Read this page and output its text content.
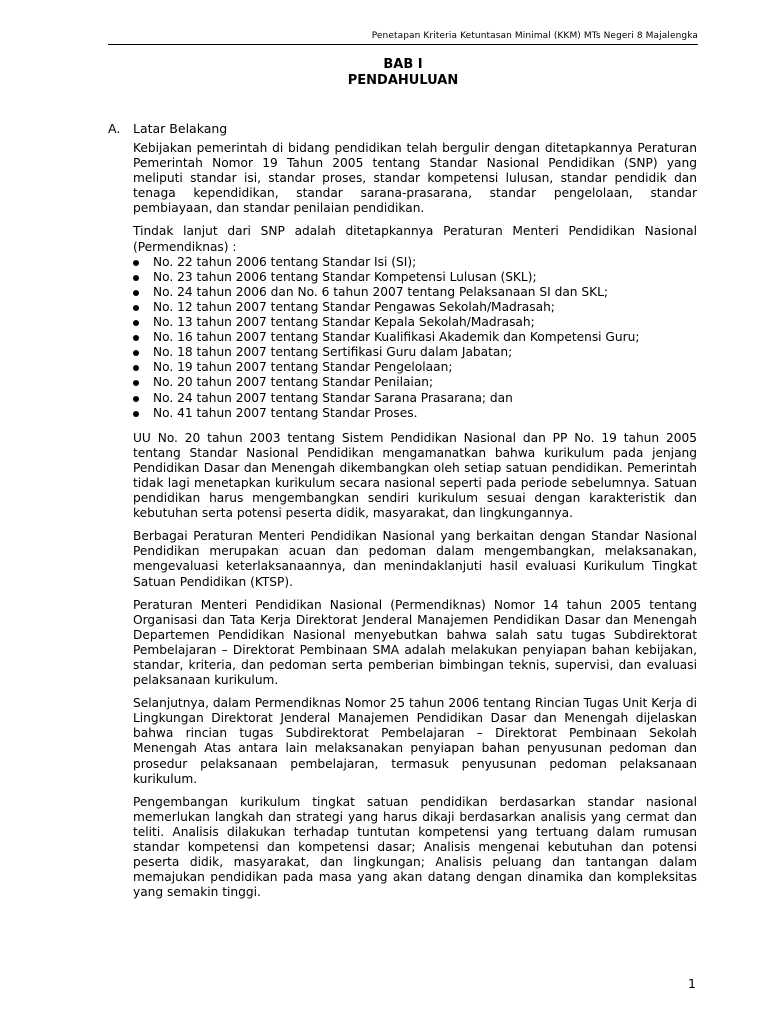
Penetapan Kriteria Ketuntasan Minimal (KKM) MTs Negeri 8 Majalengka
BAB I
PENDAHULUAN
A. Latar Belakang

Kebijakan pemerintah di bidang pendidikan telah bergulir dengan ditetapkannya Peraturan Pemerintah Nomor 19 Tahun 2005 tentang Standar Nasional Pendidikan (SNP) yang meliputi standar isi, standar proses, standar kompetensi lulusan, standar pendidik dan tenaga kependidikan, standar sarana-prasarana, standar pengelolaan, standar pembiayaan, dan standar penilaian pendidikan.

Tindak lanjut dari SNP adalah ditetapkannya Peraturan Menteri Pendidikan Nasional (Permendiknas) :

No. 22 tahun 2006 tentang Standar Isi (SI);
No. 23 tahun 2006 tentang Standar Kompetensi Lulusan (SKL);
No. 24 tahun 2006 dan No. 6 tahun 2007 tentang Pelaksanaan SI dan SKL;
No. 12 tahun 2007 tentang Standar Pengawas Sekolah/Madrasah;
No. 13 tahun 2007 tentang Standar Kepala Sekolah/Madrasah;
No. 16 tahun 2007 tentang Standar Kualifikasi Akademik dan Kompetensi Guru;
No. 18 tahun 2007 tentang Sertifikasi Guru dalam Jabatan;
No. 19 tahun 2007 tentang Standar Pengelolaan;
No. 20 tahun 2007 tentang Standar Penilaian;
No. 24 tahun 2007 tentang Standar Sarana Prasarana; dan
No. 41 tahun 2007 tentang Standar Proses.

UU No. 20 tahun 2003 tentang Sistem Pendidikan Nasional dan PP No. 19 tahun 2005 tentang Standar Nasional Pendidikan mengamanatkan bahwa kurikulum pada jenjang Pendidikan Dasar dan Menengah dikembangkan oleh setiap satuan pendidikan. Pemerintah tidak lagi menetapkan kurikulum secara nasional seperti pada periode sebelumnya. Satuan pendidikan harus mengembangkan sendiri kurikulum sesuai dengan karakteristik dan kebutuhan serta potensi peserta didik, masyarakat, dan lingkungannya.

Berbagai Peraturan Menteri Pendidikan Nasional yang berkaitan dengan Standar Nasional Pendidikan merupakan acuan dan pedoman dalam mengembangkan, melaksanakan, mengevaluasi keterlaksanaannya, dan menindaklanjuti hasil evaluasi Kurikulum Tingkat Satuan Pendidikan (KTSP).

Peraturan Menteri Pendidikan Nasional (Permendiknas) Nomor 14 tahun 2005 tentang Organisasi dan Tata Kerja Direktorat Jenderal Manajemen Pendidikan Dasar dan Menengah Departemen Pendidikan Nasional menyebutkan bahwa salah satu tugas Subdirektorat Pembelajaran – Direktorat Pembinaan SMA adalah melakukan penyiapan bahan kebijakan, standar, kriteria, dan pedoman serta pemberian bimbingan teknis, supervisi, dan evaluasi pelaksanaan kurikulum.

Selanjutnya, dalam Permendiknas Nomor 25 tahun 2006 tentang Rincian Tugas Unit Kerja di Lingkungan Direktorat Jenderal Manajemen Pendidikan Dasar dan Menengah dijelaskan bahwa rincian tugas Subdirektorat Pembelajaran – Direktorat Pembinaan Sekolah Menengah Atas antara lain melaksanakan penyiapan bahan penyusunan pedoman dan prosedur pelaksanaan pembelajaran, termasuk penyusunan pedoman pelaksanaan kurikulum.

Pengembangan kurikulum tingkat satuan pendidikan berdasarkan standar nasional memerlukan langkah dan strategi yang harus dikaji berdasarkan analisis yang cermat dan teliti. Analisis dilakukan terhadap tuntutan kompetensi yang tertuang dalam rumusan standar kompetensi dan kompetensi dasar; Analisis mengenai kebutuhan dan potensi peserta didik, masyarakat, dan lingkungan; Analisis peluang dan tantangan dalam memajukan pendidikan pada masa yang akan datang dengan dinamika dan kompleksitas yang semakin tinggi.

1
